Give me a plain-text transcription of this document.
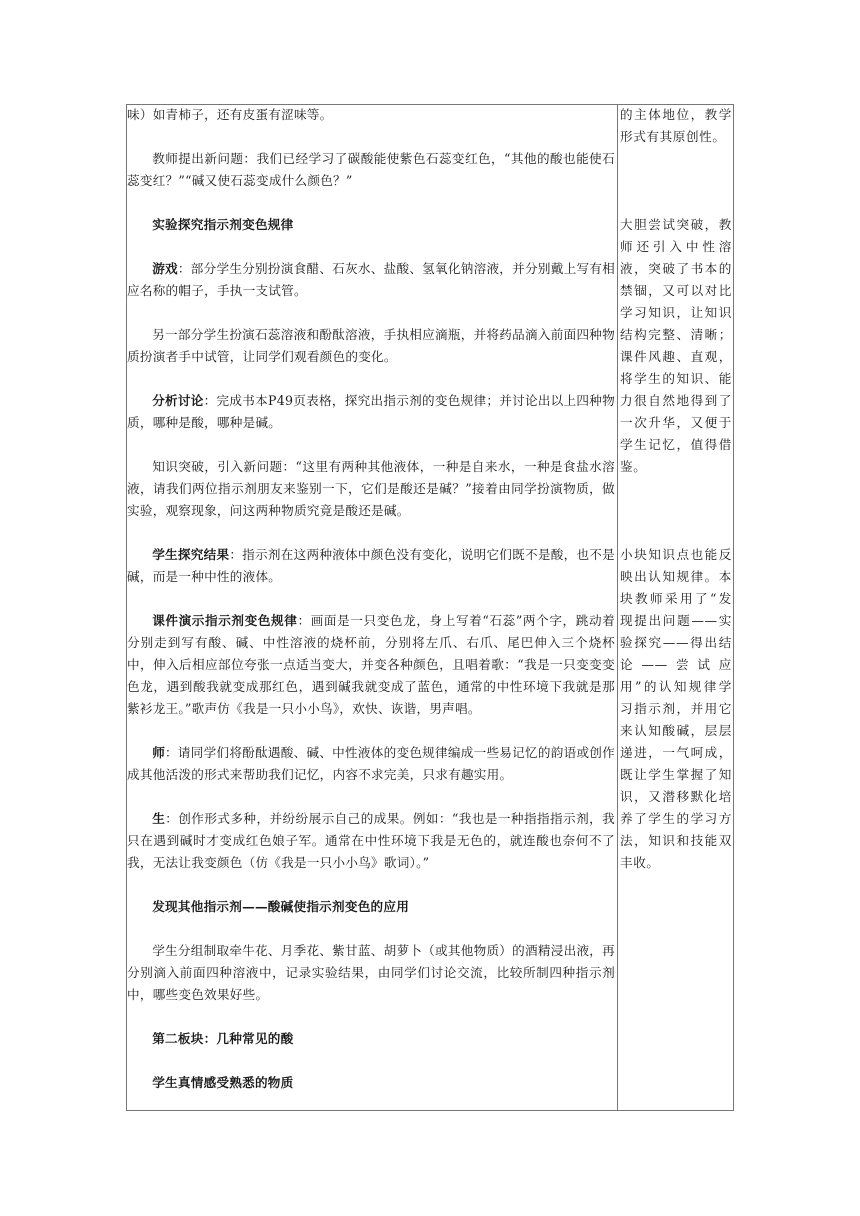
味）如青柿子，还有皮蛋有涩味等。

教师提出新问题：我们已经学习了碳酸能使紫色石蕊变红色，“其他的酸也能使石蕊变红？”“碱又使石蕊变成什么颜色？”

实验探究指示剂变色规律

游戏：部分学生分别扮演食醋、石灰水、盐酸、氢氧化钠溶液，并分别戴上写有相应名称的帽子，手执一支试管。

另一部分学生扮演石蕊溶液和酚酞溶液，手执相应滴瓶，并将药品滴入前面四种物质扮演者手中试管，让同学们观看颜色的变化。

分析讨论：完成书本P49页表格，探究出指示剂的变色规律；并讨论出以上四种物质，哪种是酸，哪种是碱。

知识突破，引入新问题：“这里有两种其他液体，一种是自来水，一种是食盐水溶液，请我们两位指示剂朋友来鉴别一下，它们是酸还是碱？”接着由同学扮演物质，做实验，观察现象，问这两种物质究竟是酸还是碱。

学生探究结果：指示剂在这两种液体中颜色没有变化，说明它们既不是酸，也不是碱，而是一种中性的液体。

课件演示指示剂变色规律：画面是一只变色龙，身上写着“石蕊”两个字，跳动着分别走到写有酸、碱、中性溶液的烧杯前，分别将左爪、右爪、尾巴伸入三个烧杯中，伸入后相应部位夸张一点适当变大，并变各种颜色，且唱着歌：“我是一只变变变色龙，遇到酸我就变成那红色，遇到碱我就变成了蓝色，通常的中性环境下我就是那紫衫龙王。”歌声仿《我是一只小小鸟》，欢快、诙谐，男声唱。

师：请同学们将酚酞遇酸、碱、中性液体的变色规律编成一些易记忆的韵语或创作成其他活泼的形式来帮助我们记忆，内容不求完美，只求有趣实用。

生：创作形式多种，并纷纷展示自己的成果。例如：“我也是一种指指指示剂，我只在遇到碱时才变成红色娘子军。通常在中性环境下我是无色的，就连酸也奈何不了我，无法让我变颜色（仿《我是一只小小鸟》歌词）。”

发现其他指示剂——酸碱使指示剂变色的应用

学生分组制取牵牛花、月季花、紫甘蓝、胡萝卜（或其他物质）的酒精浸出液，再分别滴入前面四种溶液中，记录实验结果，由同学们讨论交流，比较所制四种指示剂中，哪些变色效果好些。

第二板块：几种常见的酸

学生真情感受熟悉的物质

的主体地位，教学形式有其原创性。

大胆尝试突破，教师还引入中性溶液，突破了书本的禁锢，又可以对比学习知识，让知识结构完整、清晰；课件风趣、直观，将学生的知识、能力很自然地得到了一次升华，又便于学生记忆，值得借鉴。

小块知识点也能反映出认知规律。本块教师采用了“发现提出问题——实验探究——得出结论——尝试应用”的认知规律学习指示剂，并用它来认知酸碱，层层递进，一气呵成，既让学生掌握了知识，又潜移默化培养了学生的学习方法，知识和技能双丰收。
